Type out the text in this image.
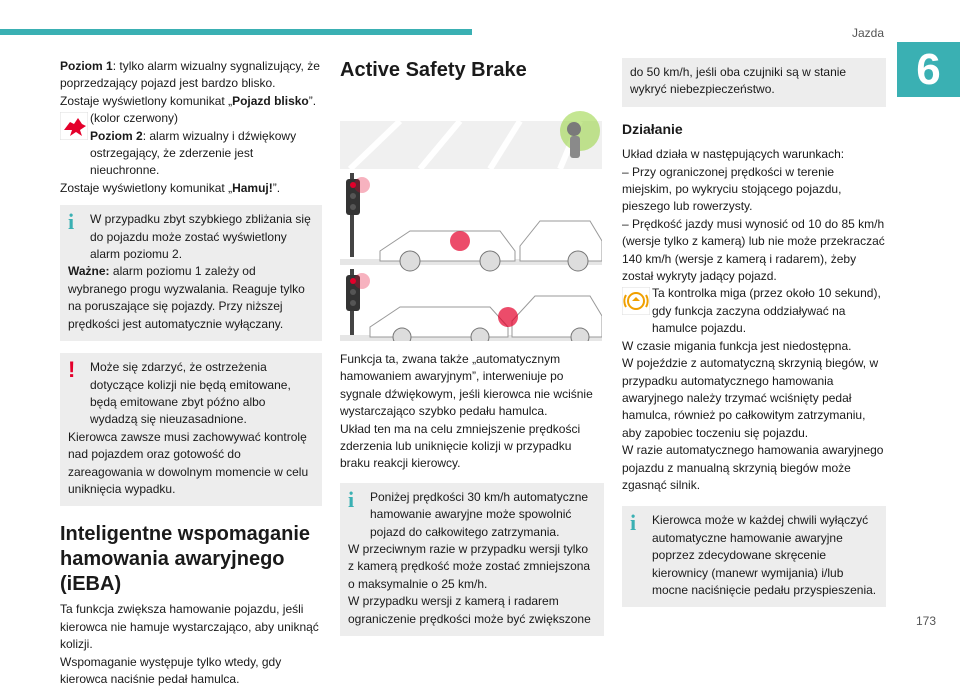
Jazda
6
173

Poziom 1: tylko alarm wizualny sygnalizujący, że poprzedzający pojazd jest bardzo blisko.

Zostaje wyświetlony komunikat „Pojazd blisko”.

(kolor czerwony)

Poziom 2: alarm wizualny i dźwiękowy ostrzegający, że zderzenie jest nieuchronne.

Zostaje wyświetlony komunikat „Hamuj!”.

i	W przypadku zbyt szybkiego zbliżania się do pojazdu może zostać wyświetlony alarm poziomu 2.

Ważne: alarm poziomu 1 zależy od wybranego progu wyzwalania. Reaguje tylko na poruszające się pojazdy. Przy niższej prędkości jest automatycznie wyłączany.

!	Może się zdarzyć, że ostrzeżenia dotyczące kolizji nie będą emitowane, będą emitowane zbyt późno albo wydadzą się nieuzasadnione.

Kierowca zawsze musi zachowywać kontrolę nad pojazdem oraz gotowość do zareagowania w dowolnym momencie w celu uniknięcia wypadku.

Inteligentne wspomaganie hamowania awaryjnego (iEBA)

Ta funkcja zwiększa hamowanie pojazdu, jeśli kierowca nie hamuje wystarczająco, aby uniknąć kolizji.

Wspomaganie występuje tylko wtedy, gdy kierowca naciśnie pedał hamulca.

Active Safety Brake

Funkcja ta, zwana także „automatycznym hamowaniem awaryjnym”, interweniuje po sygnale dźwiękowym, jeśli kierowca nie wciśnie wystarczająco szybko pedału hamulca.

Układ ten ma na celu zmniejszenie prędkości zderzenia lub uniknięcie kolizji w przypadku braku reakcji kierowcy.

i	Poniżej prędkości 30 km/h automatyczne hamowanie awaryjne może spowolnić pojazd do całkowitego zatrzymania.

W przeciwnym razie w przypadku wersji tylko z kamerą prędkość może zostać zmniejszona o maksymalnie o 25 km/h.

W przypadku wersji z kamerą i radarem ograniczenie prędkości może być zwiększone

do 50 km/h, jeśli oba czujniki są w stanie wykryć niebezpieczeństwo.

Działanie

Układ działa w następujących warunkach:

– Przy ograniczonej prędkości w terenie miejskim, po wykryciu stojącego pojazdu, pieszego lub rowerzysty.

– Prędkość jazdy musi wynosić od 10 do 85 km/h (wersje tylko z kamerą) lub nie może przekraczać 140 km/h (wersje z kamerą i radarem), żeby został wykryty jadący pojazd.

Ta kontrolka miga (przez około 10 sekund), gdy funkcja zaczyna oddziaływać na hamulce pojazdu.

W czasie migania funkcja jest niedostępna.

W pojeździe z automatyczną skrzynią biegów, w przypadku automatycznego hamowania awaryjnego należy trzymać wciśnięty pedał hamulca, również po całkowitym zatrzymaniu, aby zapobiec toczeniu się pojazdu.

W razie automatycznego hamowania awaryjnego pojazdu z manualną skrzynią biegów może zgasnąć silnik.

i	Kierowca może w każdej chwili wyłączyć automatyczne hamowanie awaryjne poprzez zdecydowane skręcenie kierownicy (manewr wymijania) i/lub mocne naciśnięcie pedału przyspieszenia.
